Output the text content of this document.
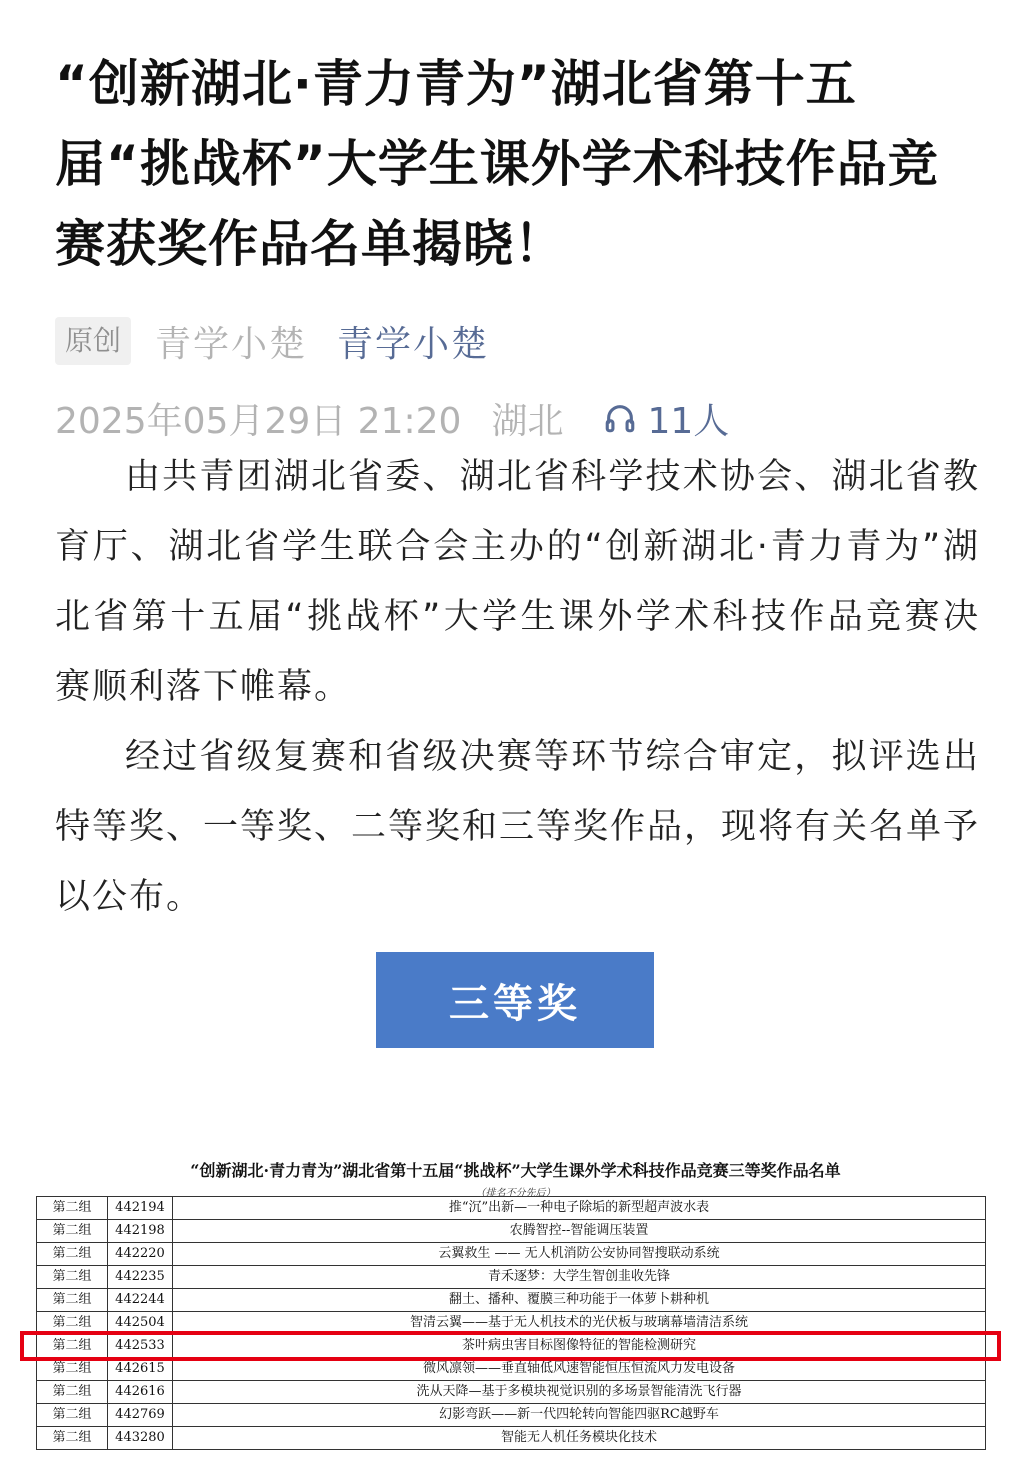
“创新湖北·青力青为”湖北省第十五届“挑战杯”大学生课外学术科技作品竞赛获奖作品名单揭晓！
原创 青学小楚 青学小楚
2025年05月29日 21:20 湖北 11人

由共青团湖北省委、湖北省科学技术协会、湖北省教育厅、湖北省学生联合会主办的“创新湖北·青力青为”湖北省第十五届“挑战杯”大学生课外学术科技作品竞赛决赛顺利落下帷幕。

经过省级复赛和省级决赛等环节综合审定，拟评选出特等奖、一等奖、二等奖和三等奖作品，现将有关名单予以公布。

三等奖
“创新湖北·青力青为”湖北省第十五届“挑战杯”大学生课外学术科技作品竞赛三等奖作品名单
（排名不分先后）
第二组	442194	推“沉”出新—一种电子除垢的新型超声波水表
第二组	442198	农腾智控--智能调压装置
第二组	442220	云翼救生 —— 无人机消防公安协同智搜联动系统
第二组	442235	青禾逐梦：大学生智创韭收先锋
第二组	442244	翻土、播种、覆膜三种功能于一体萝卜耕种机
第二组	442504	智清云翼——基于无人机技术的光伏板与玻璃幕墙清洁系统
第二组	442533	茶叶病虫害目标图像特征的智能检测研究
第二组	442615	微风凛领——垂直轴低风速智能恒压恒流风力发电设备
第二组	442616	洗从天降—基于多模块视觉识别的多场景智能清洗飞行器
第二组	442769	幻影弯跃——新一代四轮转向智能四驱RC越野车
第二组	443280	智能无人机任务模块化技术
